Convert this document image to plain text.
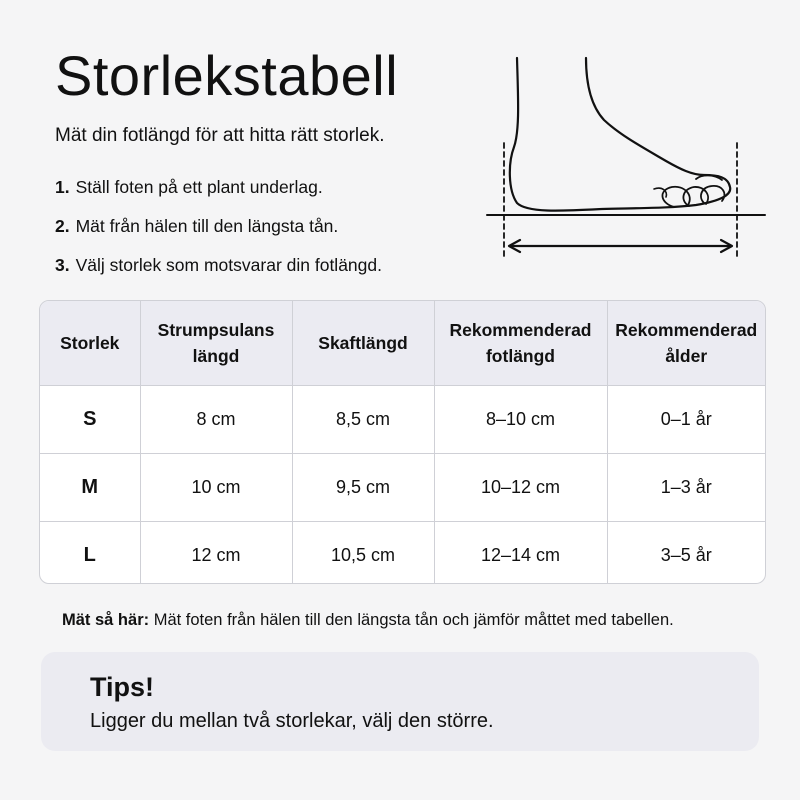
Storlekstabell

Mät din fotlängd för att hitta rätt storlek.

1. Ställ foten på ett plant underlag.
2. Mät från hälen till den längsta tån.
3. Välj storlek som motsvarar din fotlängd.
Storlek	Strumpsulans längd	Skaftlängd	Rekommenderad fotlängd	Rekommenderad ålder
S	8 cm	8,5 cm	8–10 cm	0–1 år
M	10 cm	9,5 cm	10–12 cm	1–3 år
L	12 cm	10,5 cm	12–14 cm	3–5 år

Mät så här: Mät foten från hälen till den längsta tån och jämför måttet med tabellen.

Tips!

Ligger du mellan två storlekar, välj den större.
